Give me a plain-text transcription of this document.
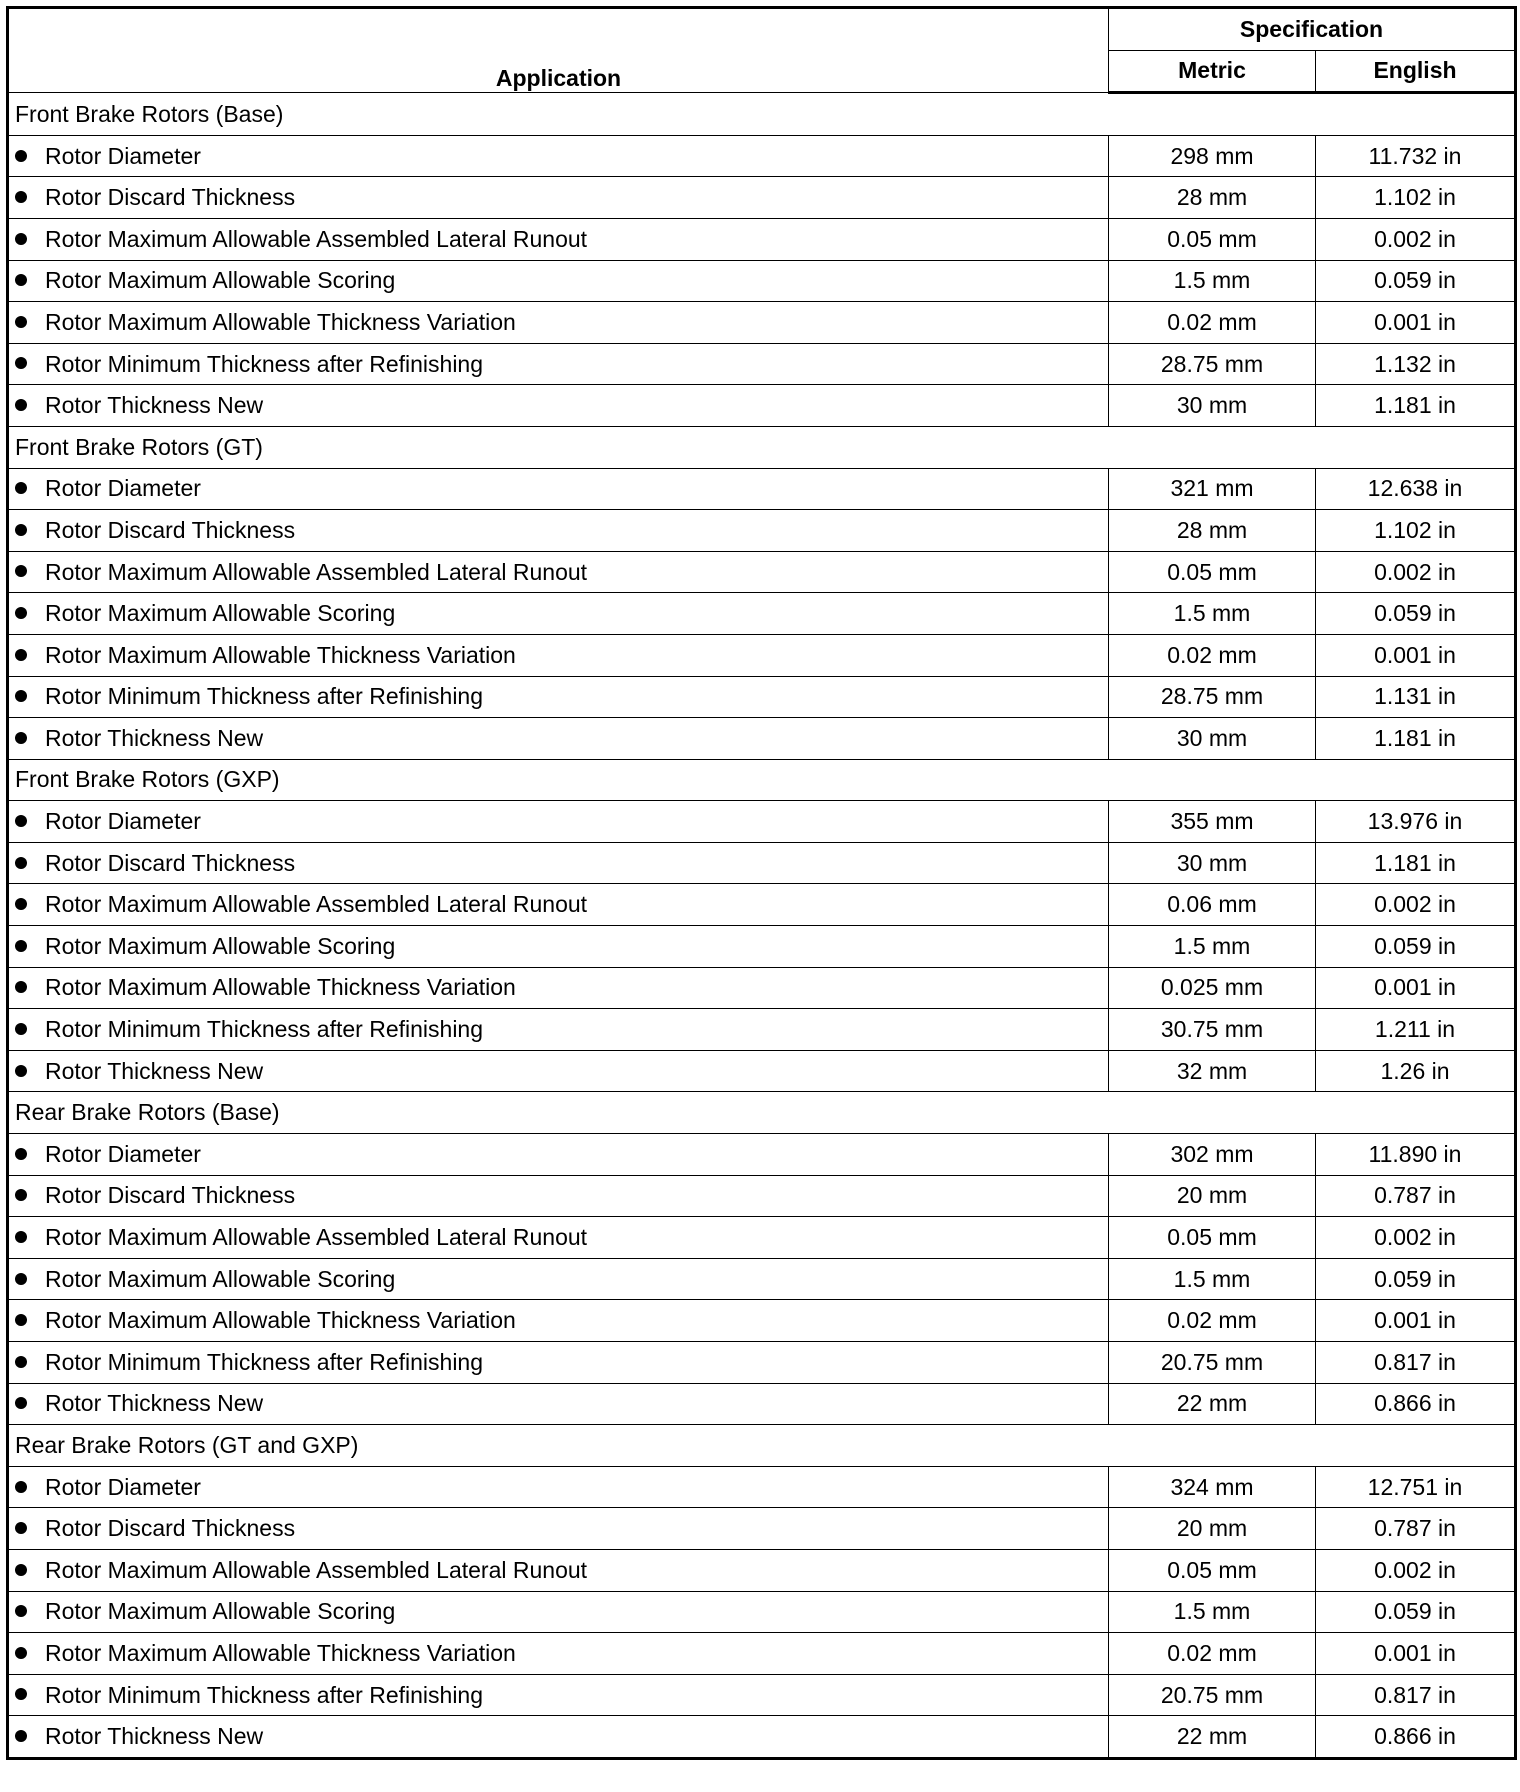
Application	Specification	
	Metric	English
Front Brake Rotors (Base)		
Rotor Diameter	298 mm	11.732 in
Rotor Discard Thickness	28 mm	1.102 in
Rotor Maximum Allowable Assembled Lateral Runout	0.05 mm	0.002 in
Rotor Maximum Allowable Scoring	1.5 mm	0.059 in
Rotor Maximum Allowable Thickness Variation	0.02 mm	0.001 in
Rotor Minimum Thickness after Refinishing	28.75 mm	1.132 in
Rotor Thickness New	30 mm	1.181 in
Front Brake Rotors (GT)		
Rotor Diameter	321 mm	12.638 in
Rotor Discard Thickness	28 mm	1.102 in
Rotor Maximum Allowable Assembled Lateral Runout	0.05 mm	0.002 in
Rotor Maximum Allowable Scoring	1.5 mm	0.059 in
Rotor Maximum Allowable Thickness Variation	0.02 mm	0.001 in
Rotor Minimum Thickness after Refinishing	28.75 mm	1.131 in
Rotor Thickness New	30 mm	1.181 in
Front Brake Rotors (GXP)		
Rotor Diameter	355 mm	13.976 in
Rotor Discard Thickness	30 mm	1.181 in
Rotor Maximum Allowable Assembled Lateral Runout	0.06 mm	0.002 in
Rotor Maximum Allowable Scoring	1.5 mm	0.059 in
Rotor Maximum Allowable Thickness Variation	0.025 mm	0.001 in
Rotor Minimum Thickness after Refinishing	30.75 mm	1.211 in
Rotor Thickness New	32 mm	1.26 in
Rear Brake Rotors (Base)		
Rotor Diameter	302 mm	11.890 in
Rotor Discard Thickness	20 mm	0.787 in
Rotor Maximum Allowable Assembled Lateral Runout	0.05 mm	0.002 in
Rotor Maximum Allowable Scoring	1.5 mm	0.059 in
Rotor Maximum Allowable Thickness Variation	0.02 mm	0.001 in
Rotor Minimum Thickness after Refinishing	20.75 mm	0.817 in
Rotor Thickness New	22 mm	0.866 in
Rear Brake Rotors (GT and GXP)		
Rotor Diameter	324 mm	12.751 in
Rotor Discard Thickness	20 mm	0.787 in
Rotor Maximum Allowable Assembled Lateral Runout	0.05 mm	0.002 in
Rotor Maximum Allowable Scoring	1.5 mm	0.059 in
Rotor Maximum Allowable Thickness Variation	0.02 mm	0.001 in
Rotor Minimum Thickness after Refinishing	20.75 mm	0.817 in
Rotor Thickness New	22 mm	0.866 in
